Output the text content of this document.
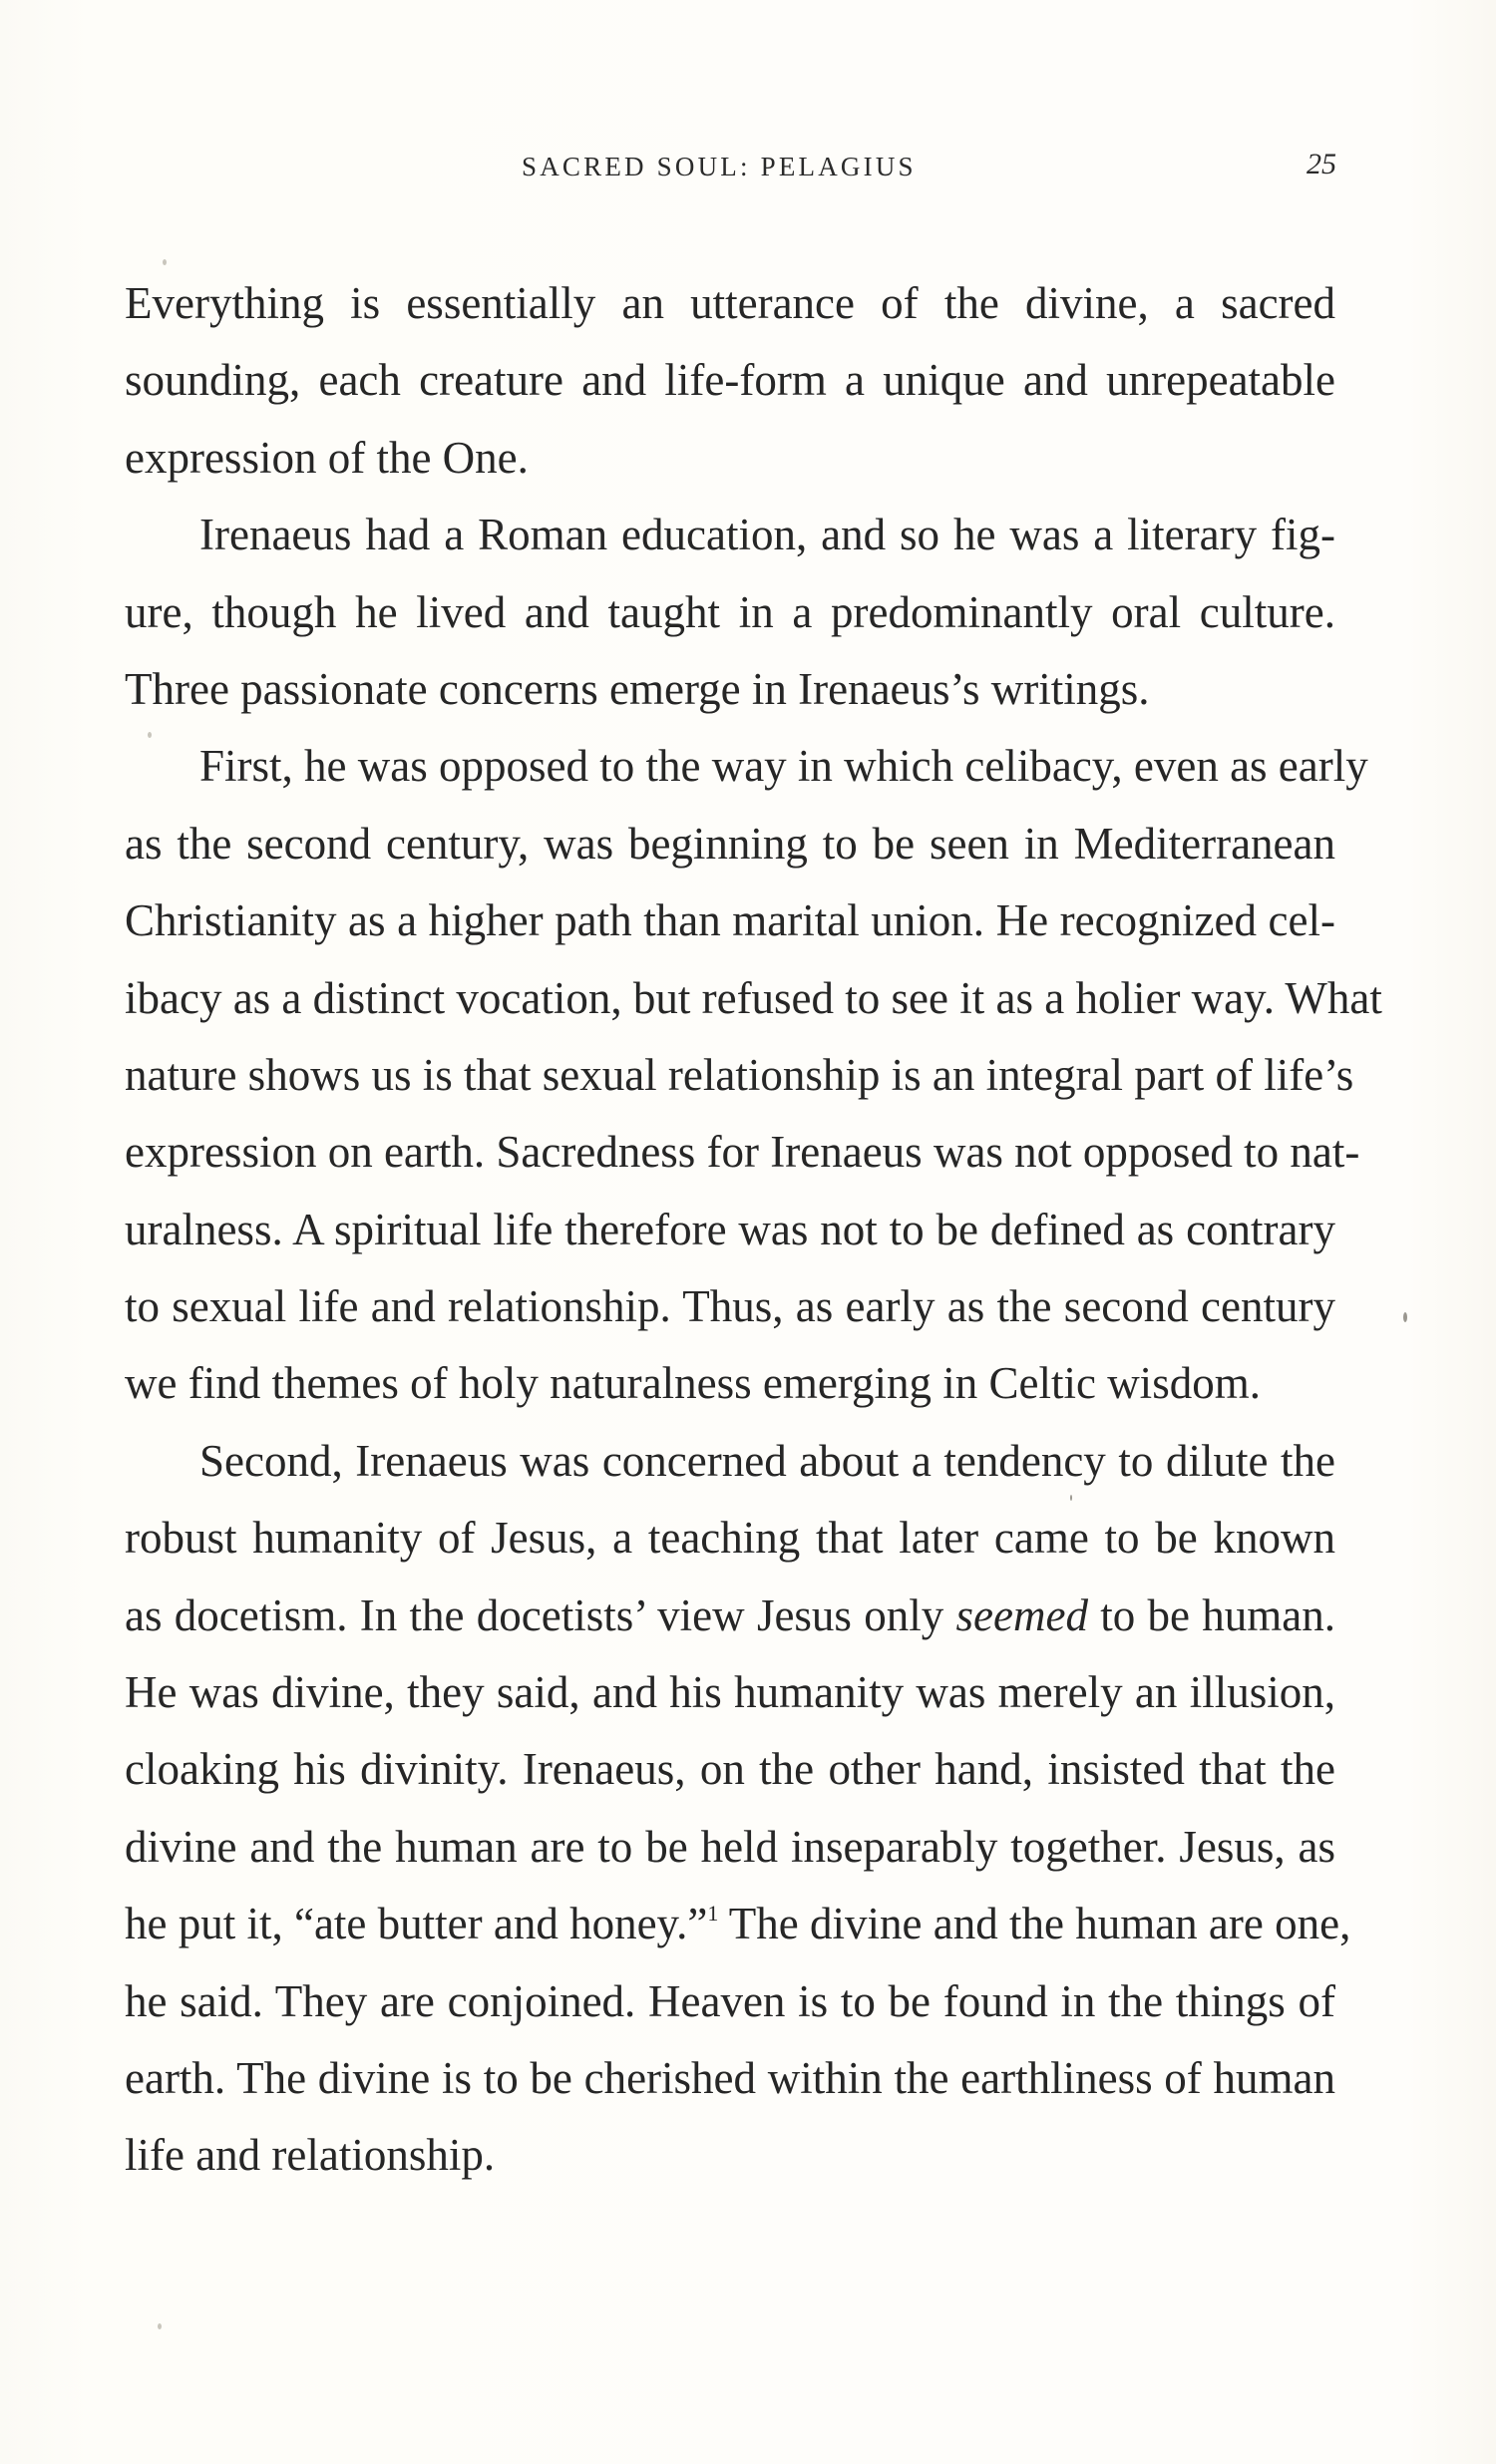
SACRED SOUL: PELAGIUS	25
Everything is essentially an utterance of the divine, a sacred
sounding, each creature and life-form a unique and unrepeatable
expression of the One.
Irenaeus had a Roman education, and so he was a literary fig-
ure, though he lived and taught in a predominantly oral culture.
Three passionate concerns emerge in Irenaeus’s writings.
First, he was opposed to the way in which celibacy, even as early
as the second century, was beginning to be seen in Mediterranean
Christianity as a higher path than marital union. He recognized cel-
ibacy as a distinct vocation, but refused to see it as a holier way. What
nature shows us is that sexual relationship is an integral part of life’s
expression on earth. Sacredness for Irenaeus was not opposed to nat-
uralness. A spiritual life therefore was not to be defined as contrary
to sexual life and relationship. Thus, as early as the second century
we find themes of holy naturalness emerging in Celtic wisdom.
Second, Irenaeus was concerned about a tendency to dilute the
robust humanity of Jesus, a teaching that later came to be known
as docetism. In the docetists’ view Jesus only seemed to be human.
He was divine, they said, and his humanity was merely an illusion,
cloaking his divinity. Irenaeus, on the other hand, insisted that the
divine and the human are to be held inseparably together. Jesus, as
he put it, “ate butter and honey.”$^1$ The divine and the human are one,
he said. They are conjoined. Heaven is to be found in the things of
earth. The divine is to be cherished within the earthliness of human
life and relationship.
